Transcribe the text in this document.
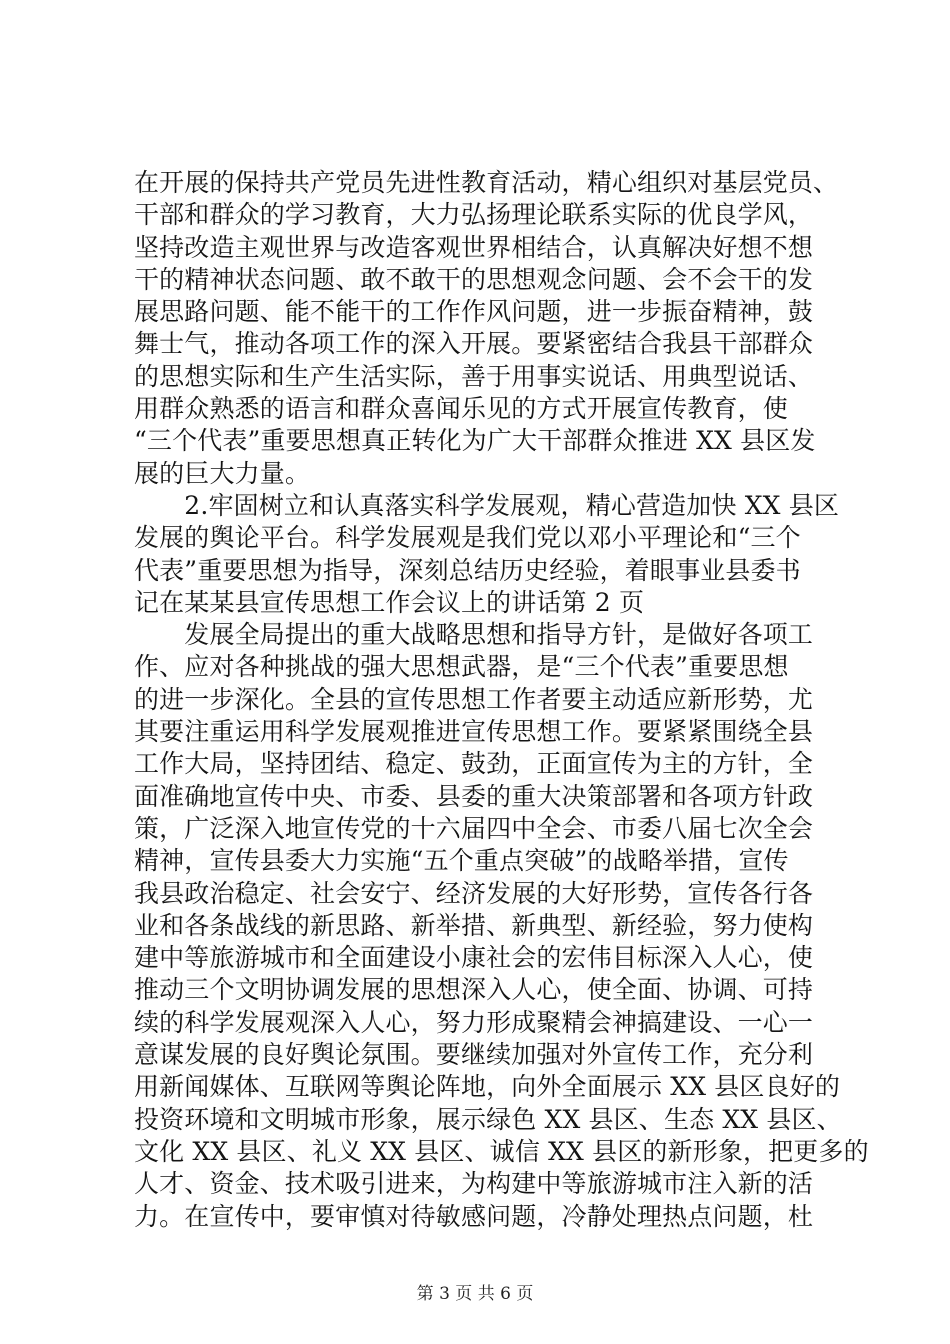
在开展的保持共产党员先进性教育活动，精心组织对基层党员、
干部和群众的学习教育，大力弘扬理论联系实际的优良学风，
坚持改造主观世界与改造客观世界相结合，认真解决好想不想
干的精神状态问题、敢不敢干的思想观念问题、会不会干的发
展思路问题、能不能干的工作作风问题，进一步振奋精神，鼓
舞士气，推动各项工作的深入开展。要紧密结合我县干部群众
的思想实际和生产生活实际，善于用事实说话、用典型说话、
用群众熟悉的语言和群众喜闻乐见的方式开展宣传教育，使
“三个代表”重要思想真正转化为广大干部群众推进 XX 县区发
展的巨大力量。
　　2.牢固树立和认真落实科学发展观，精心营造加快 XX 县区
发展的舆论平台。科学发展观是我们党以邓小平理论和“三个
代表”重要思想为指导，深刻总结历史经验，着眼事业县委书
记在某某县宣传思想工作会议上的讲话第 2 页
　　发展全局提出的重大战略思想和指导方针，是做好各项工
作、应对各种挑战的强大思想武器，是“三个代表”重要思想
的进一步深化。全县的宣传思想工作者要主动适应新形势，尤
其要注重运用科学发展观推进宣传思想工作。要紧紧围绕全县
工作大局，坚持团结、稳定、鼓劲，正面宣传为主的方针，全
面准确地宣传中央、市委、县委的重大决策部署和各项方针政
策，广泛深入地宣传党的十六届四中全会、市委八届七次全会
精神，宣传县委大力实施“五个重点突破”的战略举措，宣传
我县政治稳定、社会安宁、经济发展的大好形势，宣传各行各
业和各条战线的新思路、新举措、新典型、新经验，努力使构
建中等旅游城市和全面建设小康社会的宏伟目标深入人心，使
推动三个文明协调发展的思想深入人心，使全面、协调、可持
续的科学发展观深入人心，努力形成聚精会神搞建设、一心一
意谋发展的良好舆论氛围。要继续加强对外宣传工作，充分利
用新闻媒体、互联网等舆论阵地，向外全面展示 XX 县区良好的
投资环境和文明城市形象，展示绿色 XX 县区、生态 XX 县区、
文化 XX 县区、礼义 XX 县区、诚信 XX 县区的新形象，把更多的
人才、资金、技术吸引进来，为构建中等旅游城市注入新的活
力。在宣传中，要审慎对待敏感问题，冷静处理热点问题，杜
第 3 页 共 6 页
